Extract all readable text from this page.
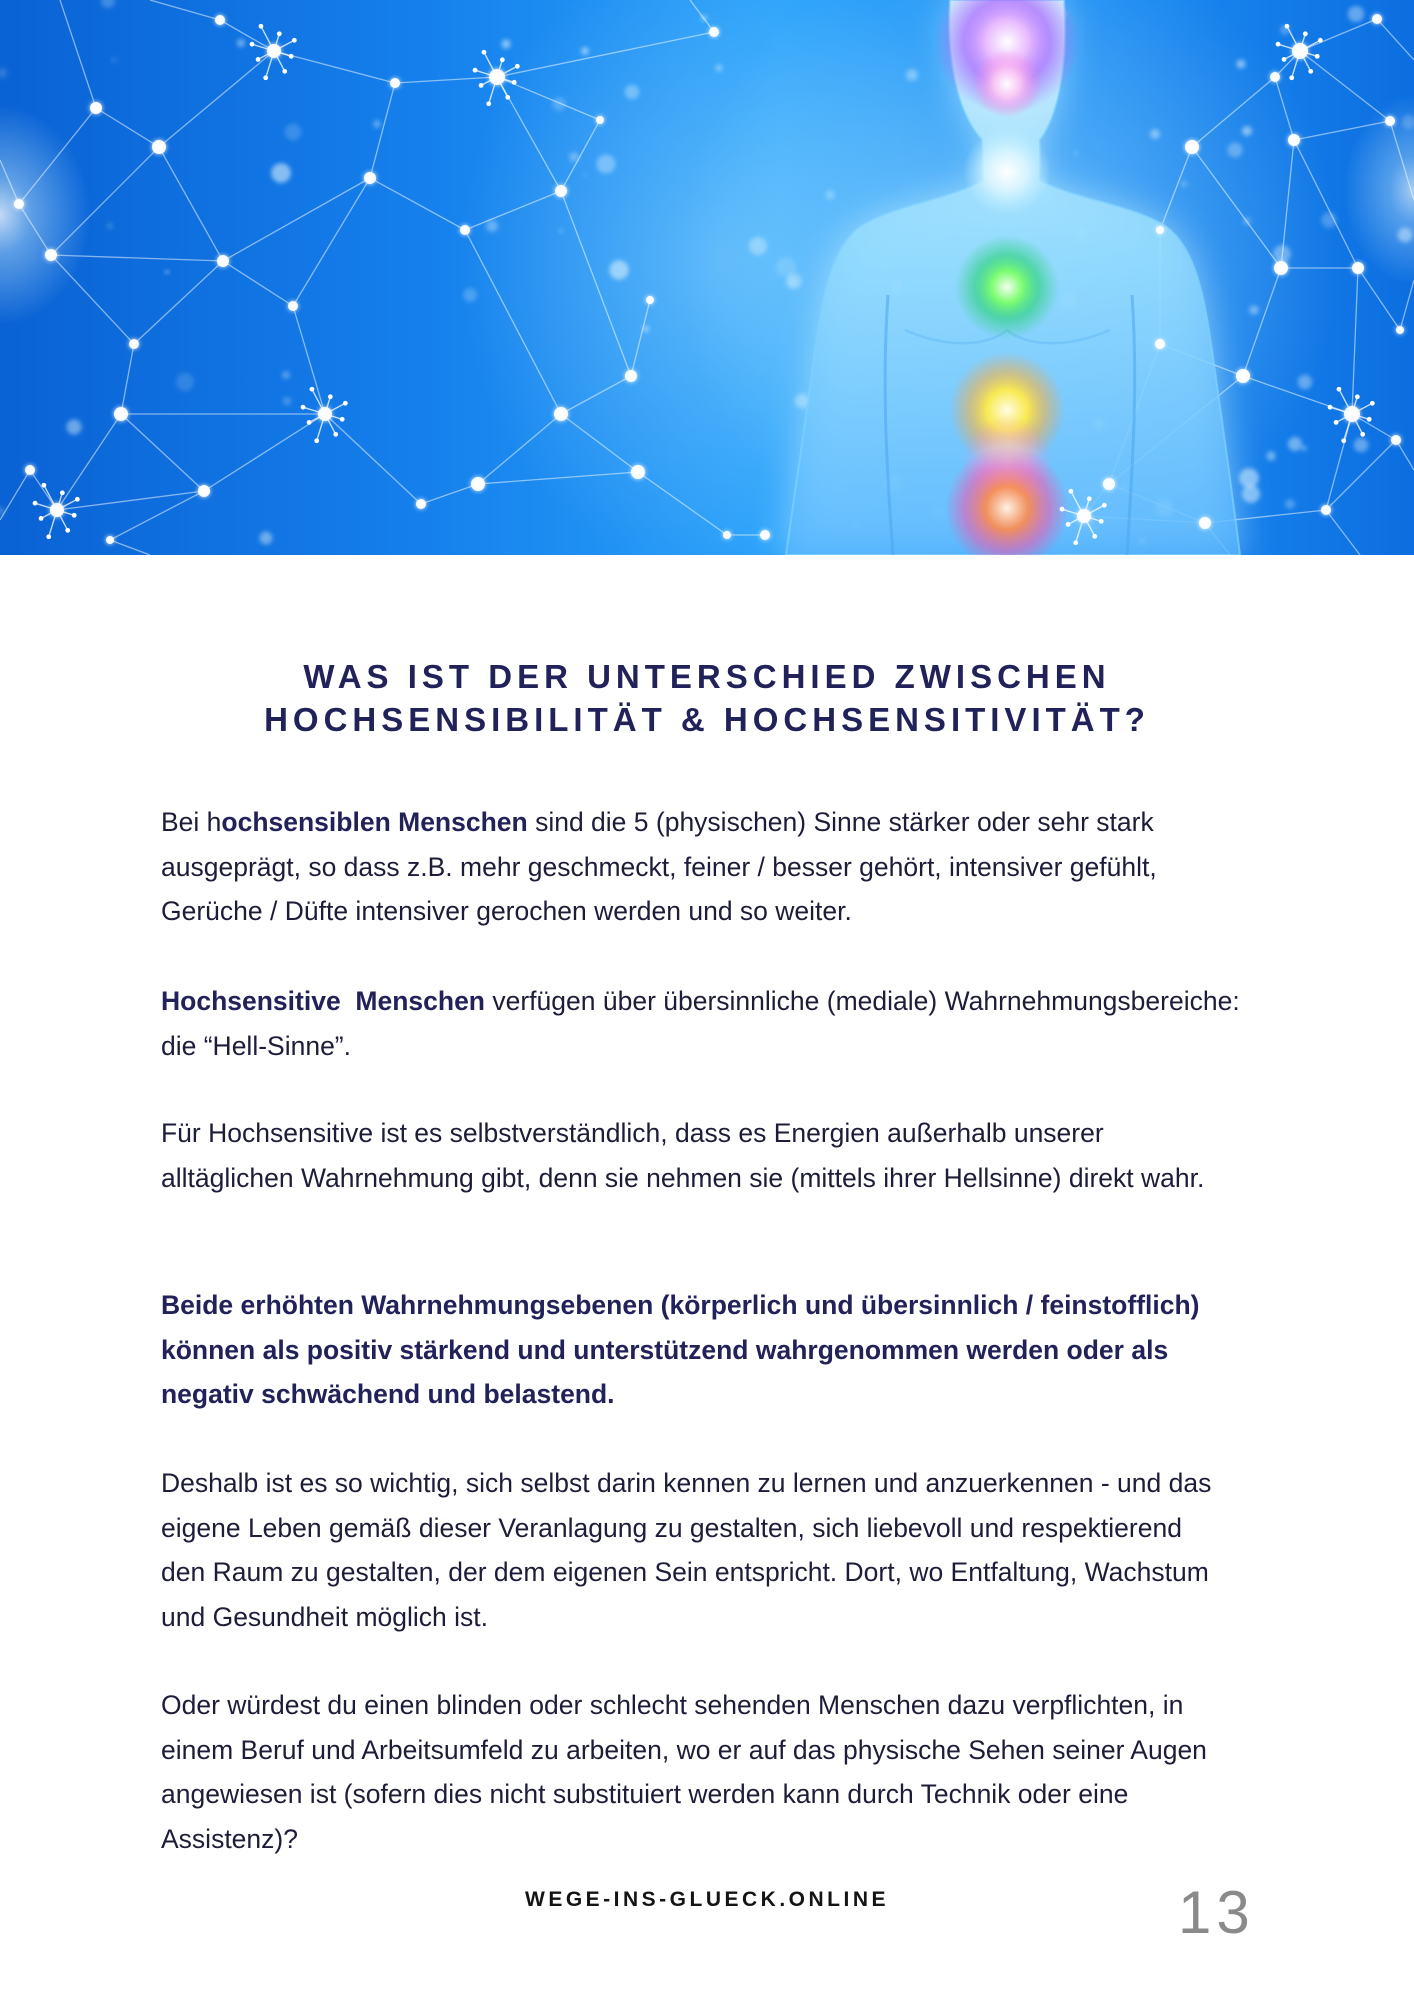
WAS IST DER UNTERSCHIED ZWISCHEN
HOCHSENSIBILITÄT & HOCHSENSITIVITÄT?
Bei hochsensiblen Menschen sind die 5 (physischen) Sinne stärker oder sehr stark
ausgeprägt, so dass z.B. mehr geschmeckt, feiner / besser gehört, intensiver gefühlt,
Gerüche / Düfte intensiver gerochen werden und so weiter.
Hochsensitive  Menschen verfügen über übersinnliche (mediale) Wahrnehmungsbereiche:
die “Hell-Sinne”.
Für Hochsensitive ist es selbstverständlich, dass es Energien außerhalb unserer
alltäglichen Wahrnehmung gibt, denn sie nehmen sie (mittels ihrer Hellsinne) direkt wahr.
Beide erhöhten Wahrnehmungsebenen (körperlich und übersinnlich / feinstofflich)
können als positiv stärkend und unterstützend wahrgenommen werden oder als
negativ schwächend und belastend.
Deshalb ist es so wichtig, sich selbst darin kennen zu lernen und anzuerkennen - und das
eigene Leben gemäß dieser Veranlagung zu gestalten, sich liebevoll und respektierend
den Raum zu gestalten, der dem eigenen Sein entspricht. Dort, wo Entfaltung, Wachstum
und Gesundheit möglich ist.
Oder würdest du einen blinden oder schlecht sehenden Menschen dazu verpflichten, in
einem Beruf und Arbeitsumfeld zu arbeiten, wo er auf das physische Sehen seiner Augen
angewiesen ist (sofern dies nicht substituiert werden kann durch Technik oder eine
Assistenz)?
WEGE-INS-GLUECK.ONLINE	13
